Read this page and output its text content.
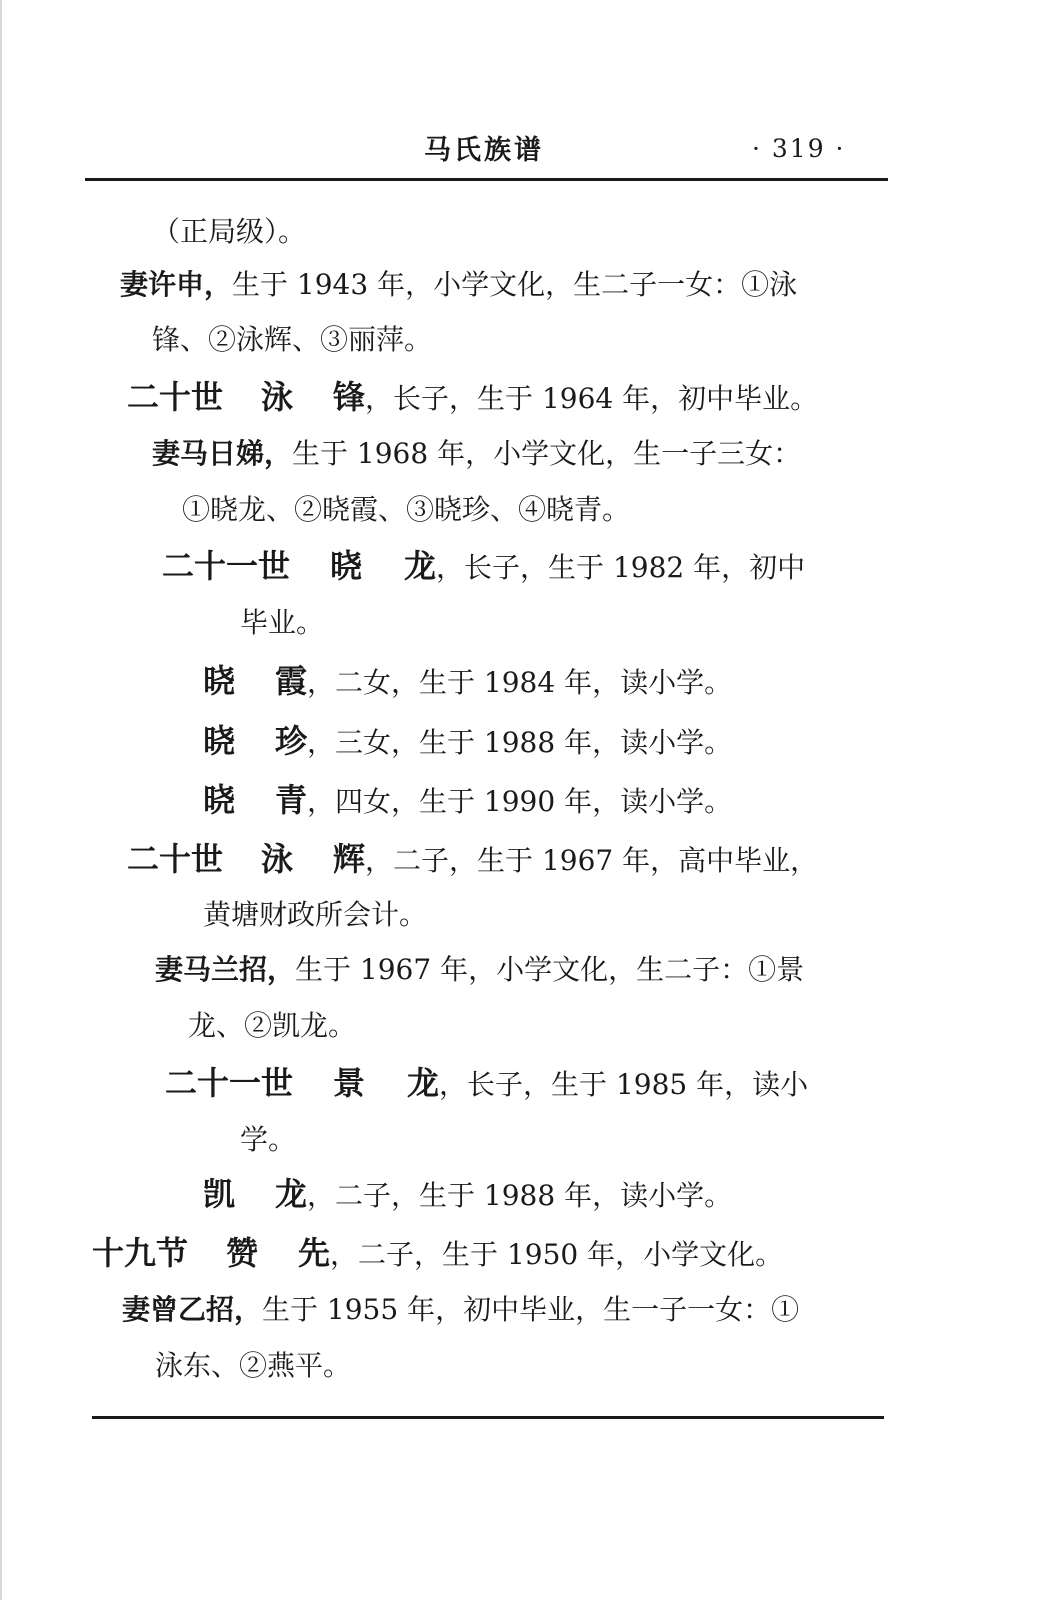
马氏族谱	· 319 ·
（正局级）。
妻许申，生于 1943 年，小学文化，生二子一女：①泳
锋、②泳辉、③丽萍。
二十世 泳 锋，长子，生于 1964 年，初中毕业。
妻马日娣，生于 1968 年，小学文化，生一子三女：
①晓龙、②晓霞、③晓珍、④晓青。
二十一世 晓 龙，长子，生于 1982 年，初中
毕业。
晓 霞，二女，生于 1984 年，读小学。
晓 珍，三女，生于 1988 年，读小学。
晓 青，四女，生于 1990 年，读小学。
二十世 泳 辉，二子，生于 1967 年，高中毕业，
黄塘财政所会计。
妻马兰招，生于 1967 年，小学文化，生二子：①景
龙、②凯龙。
二十一世 景 龙，长子，生于 1985 年，读小
学。
凯 龙，二子，生于 1988 年，读小学。
十九节 赞 先，二子，生于 1950 年，小学文化。
妻曾乙招，生于 1955 年，初中毕业，生一子一女：①
泳东、②燕平。
